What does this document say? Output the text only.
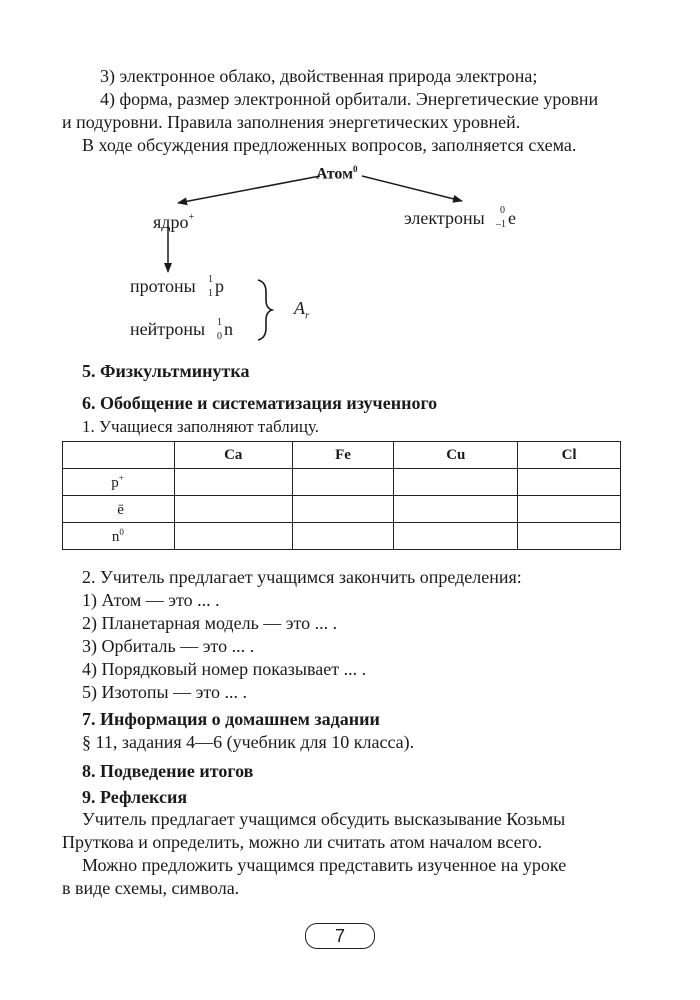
3) электронное облако, двойственная природа электрона;
4) форма, размер электронной орбитали. Энергетические уровни
и подуровни. Правила заполнения энергетических уровней.
В ходе обсуждения предложенных вопросов, заполняется схема.
Атом$^0$
ядро+	электроны 0
–1 e
протоны 1
1 p
нейтроны 1
0 n
$A_r$
5. Физкультминутка
6. Обобщение и систематизация изученного
1. Учащиеся заполняют таблицу.
	Ca	Fe	Cu	Cl
p+				
ē				
$n^0$				
2. Учитель предлагает учащимся закончить определения:
1) Атом — это ... .
2) Планетарная модель — это ... .
3) Орбиталь — это ... .
4) Порядковый номер показывает ... .
5) Изотопы — это ... .
7. Информация о домашнем задании
§ 11, задания 4—6 (учебник для 10 класса).
8. Подведение итогов
9. Рефлексия
Учитель предлагает учащимся обсудить высказывание Козьмы
Пруткова и определить, можно ли считать атом началом всего.
Можно предложить учащимся представить изученное на уроке
в виде схемы, символа.
7
